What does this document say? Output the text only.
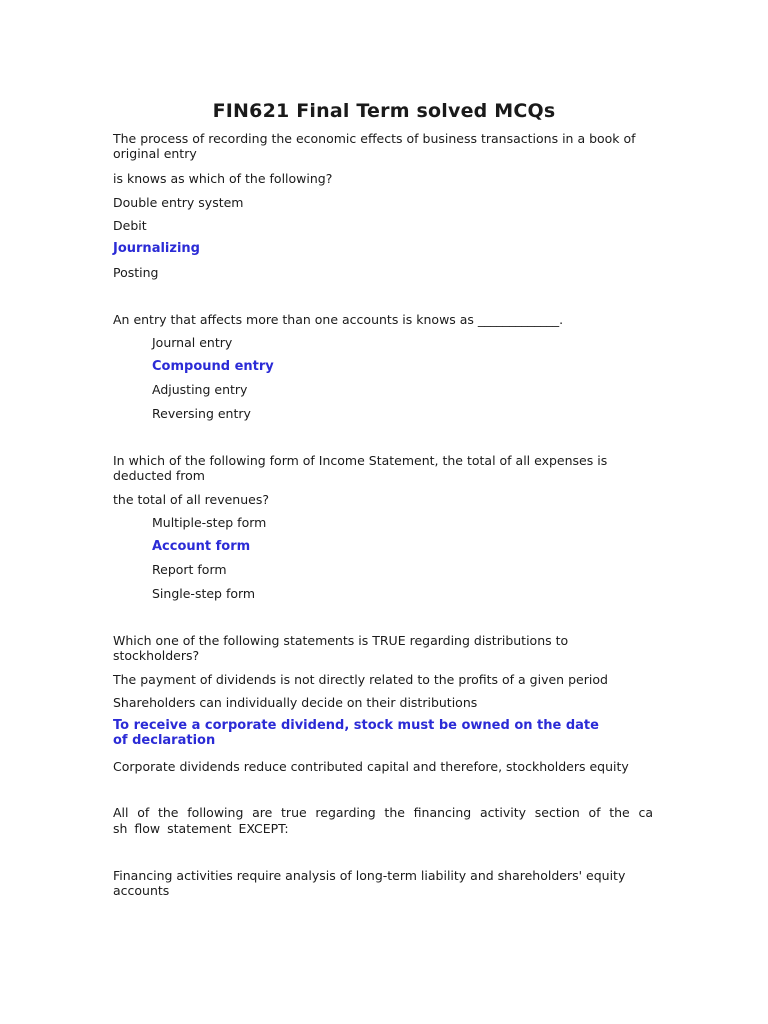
FIN621 Final Term solved MCQs
The process of recording the economic effects of business transactions in a book of original entry
is knows as which of the following?
Double entry system
Debit
Journalizing
Posting
An entry that affects more than one accounts is knows as _____________.
Journal entry
Compound entry
Adjusting entry
Reversing entry
In which of the following form of Income Statement, the total of all expenses is deducted from
the total of all revenues?
Multiple-step form
Account form
Report form
Single-step form
Which one of the following statements is TRUE regarding distributions to stockholders?
The payment of dividends is not directly related to the profits of a given period
Shareholders can individually decide on their distributions
To receive a corporate dividend, stock must be owned on the date of declaration
Corporate dividends reduce contributed capital and therefore, stockholders equity
All of the following are true regarding the financing activity section of the ca
sh flow statement EXCEPT:
Financing activities require analysis of long-term liability and shareholders' equity accounts
